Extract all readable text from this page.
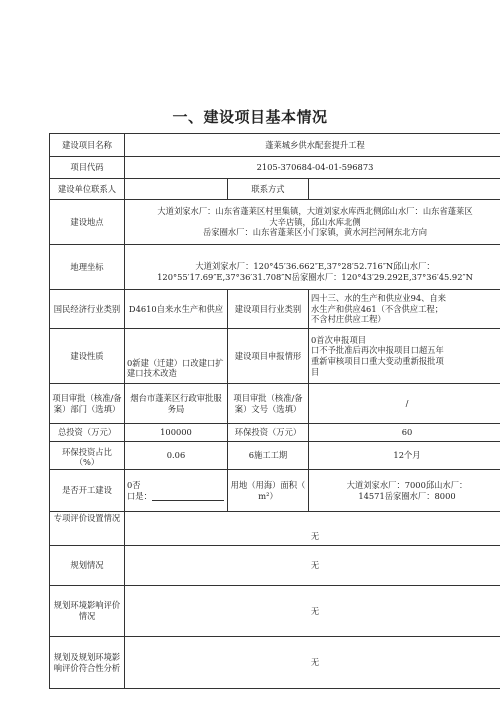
一、建设项目基本情况
建设项目名称	蓬莱城乡供水配套提升工程		
项目代码	2105-370684-04-01-596873		
建设单位联系人		联系方式	
建设地点	大道刘家水厂：山东省蓬莱区村里集镇，大道刘家水库西北侧邱山水厂：山东省蓬莱区
大辛店镇，邱山水库北侧
岳家圈水厂：山东省蓬莱区小门家镇，黄水河拦河闸东北方向		

地理坐标	大道刘家水厂：120°45′36.662″E,37°28′52.716″N邱山水厂：
120°55′17.69″E,37°36′31.708″N岳家圈水厂：120°43′29.292E,37°36′45.92″N		

国民经济行业类别	D4610自来水生产和供应	建设项目行业类别	四十三、水的生产和供应业94、自来
水生产和供应461（不含供应工程；
不含村庄供应工程）

建设性质	0新建（迁建）口改建口扩
建口技术改造	建设项目申报情形	0首次申报项目
口不予批准后再次申报项目口超五年
重新审核项目口重大变动重新报批项
目

项目审批（核准/备
案）部门（选填）	烟台市蓬莱区行政审批服
务局	项目审批（核准/备
案）文号（选填）	/
总投资（万元）	100000	环保投资（万元）	60
环保投资占比（%）	0.06	6施工工期	12个月
是否开工建设	0否
口是：	用地（用海）面积（
m²）	大道刘家水厂：7000邱山水厂：
14571岳家圈水厂：8000

专项评价设置情况	无		
规划情况	无		

规划环境影响评价
情况	无		

规划及规划环境影
响评价符合性分析	无		
